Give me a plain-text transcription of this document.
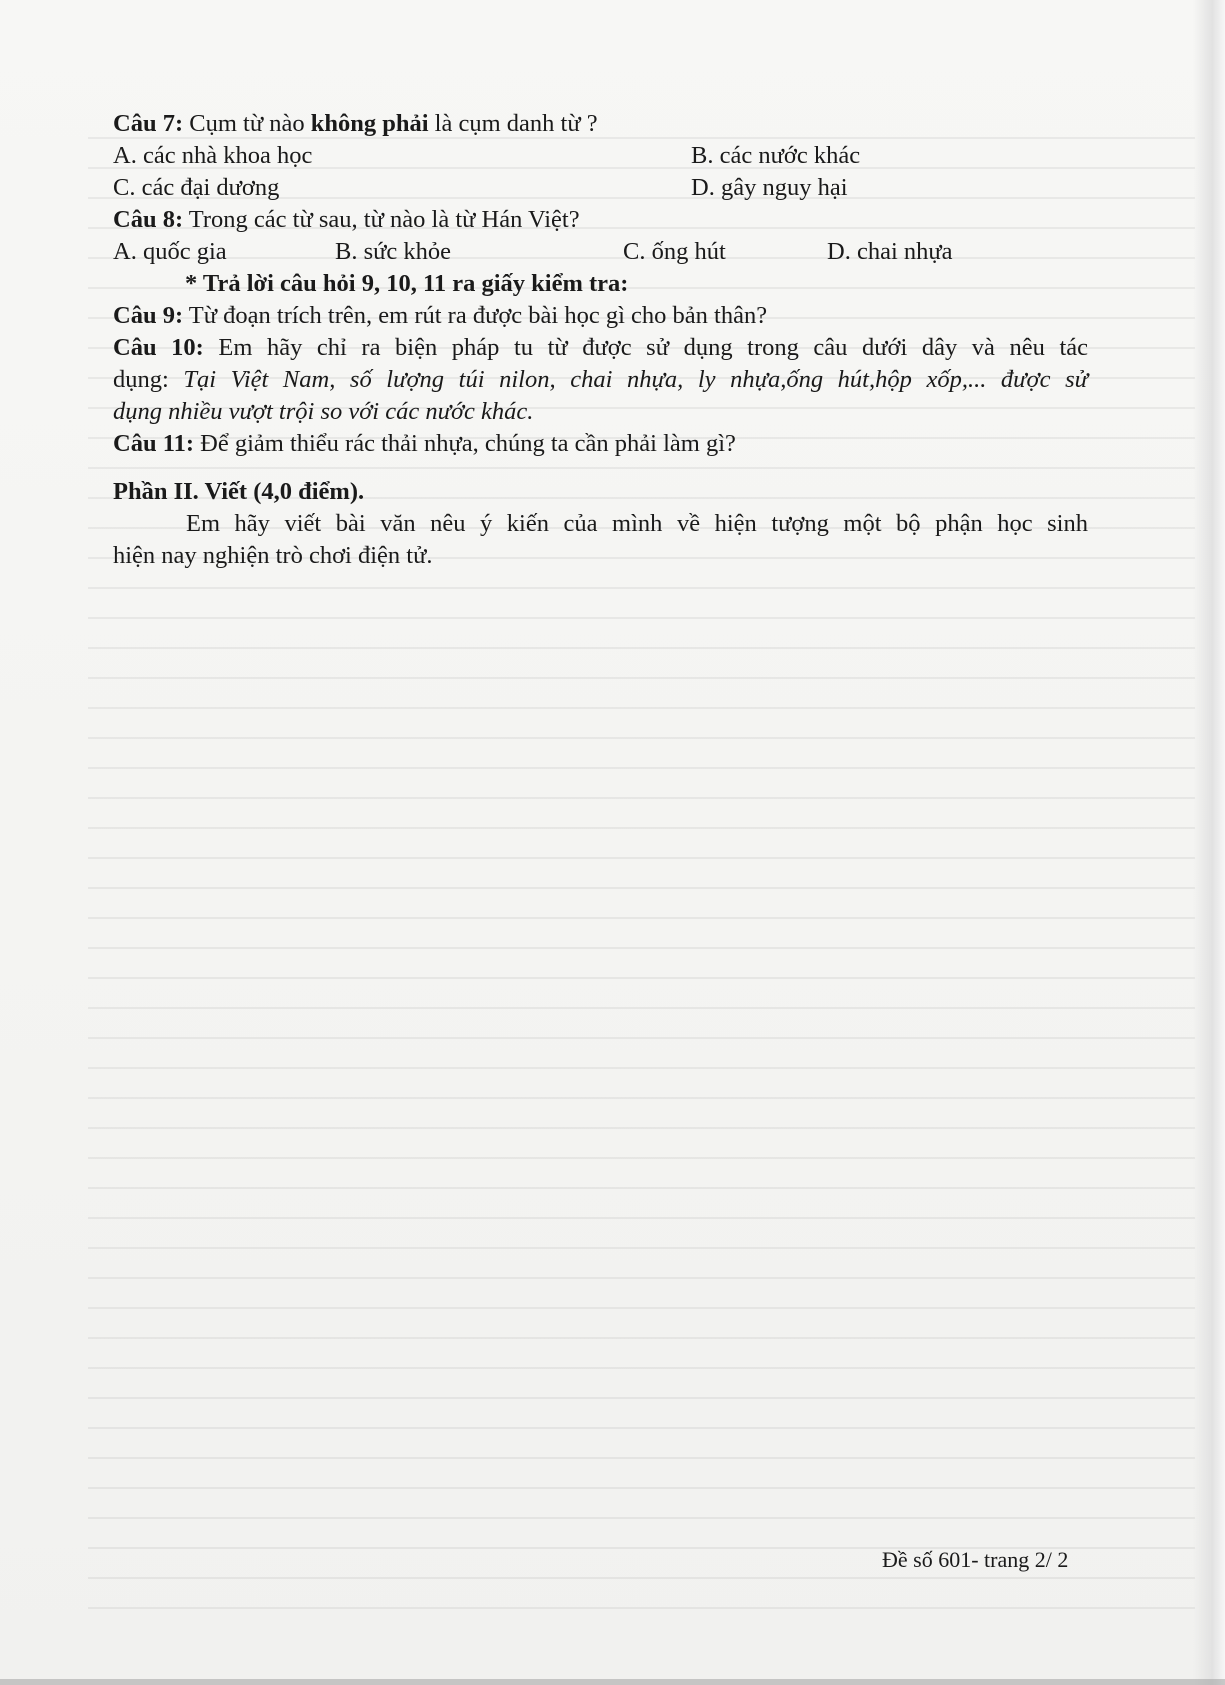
Câu 7: Cụm từ nào không phải là cụm danh từ ?
A. các nhà khoa học	B. các nước khác
C. các đại dương	D. gây nguy hại
Câu 8: Trong các từ sau, từ nào là từ Hán Việt?
A. quốc gia	B. sức khỏe	C. ống hút	D. chai nhựa
* Trả lời câu hỏi 9, 10, 11 ra giấy kiểm tra:
Câu 9: Từ đoạn trích trên, em rút ra được bài học gì cho bản thân?
Câu 10: Em hãy chỉ ra biện pháp tu từ được sử dụng trong câu dưới dây và nêu tác
dụng: Tại Việt Nam, số lượng túi nilon, chai nhựa, ly nhựa,ống hút,hộp xốp,... được sử
dụng nhiều vượt trội so với các nước khác.
Câu 11: Để giảm thiểu rác thải nhựa, chúng ta cần phải làm gì?
Phần II. Viết (4,0 điểm).
Em hãy viết bài văn nêu ý kiến của mình về hiện tượng một bộ phận học sinh
hiện nay nghiện trò chơi điện tử.
Đề số 601- trang 2/ 2
